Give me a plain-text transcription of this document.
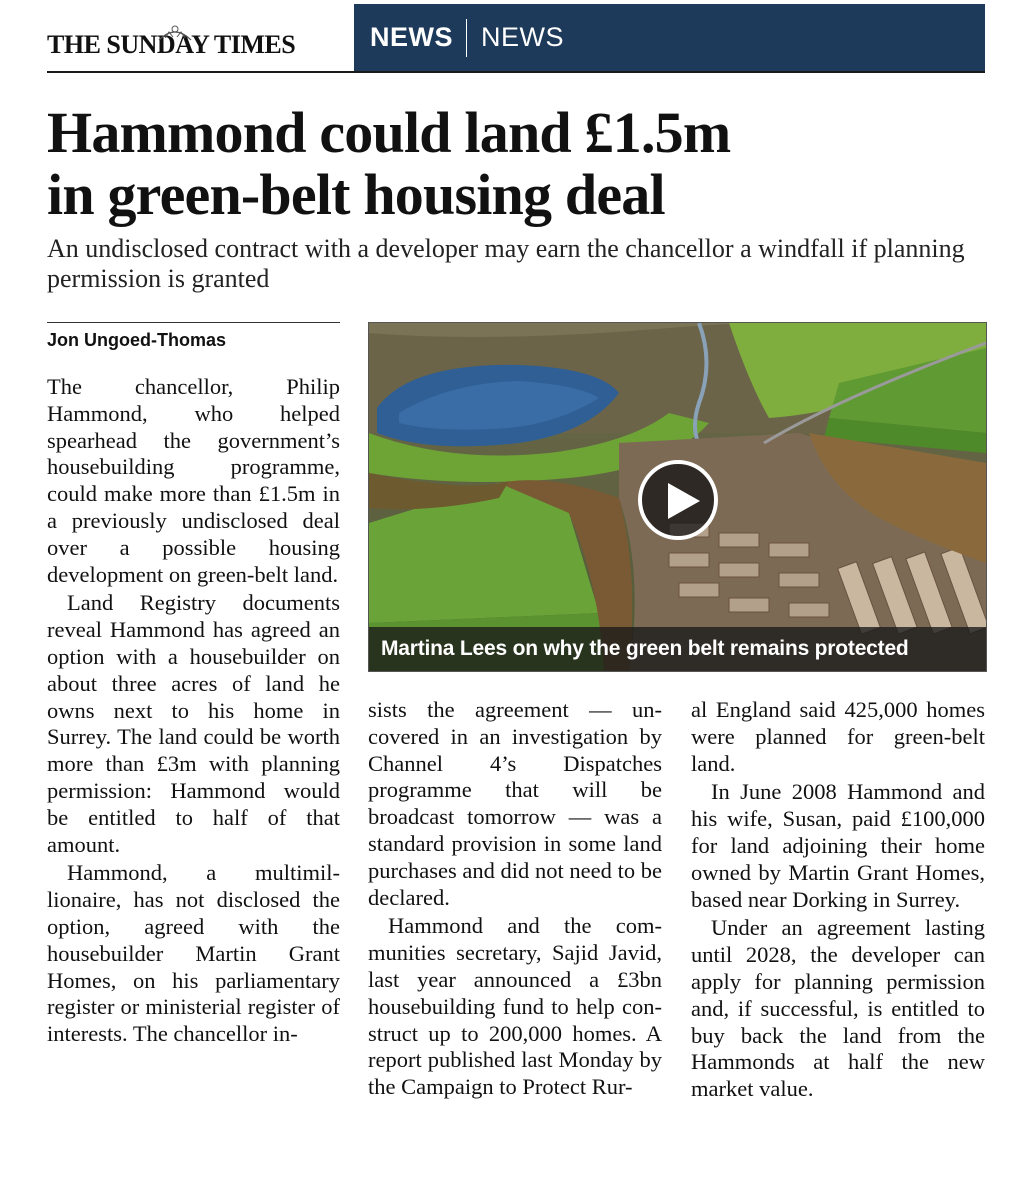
THE SUNDAY TIMES	NEWS NEWS
Hammond could land £1.5m
in green-belt housing deal

An undisclosed contract with a developer may earn the chancellor a windfall if planning permission is granted

Jon Ungoed-Thomas

The chancellor, Philip Hammond, who helped spearhead the government’s housebuilding programme, could make more than £1.5m in a previously undisclosed deal over a possible housing development on green-belt land.

Land Registry documents reveal Hammond has agreed an option with a housebuilder on about three acres of land he owns next to his home in Surrey. The land could be worth more than £3m with planning permission: Hammond would be entitled to half of that amount.

Hammond, a multimillionaire, has not disclosed the option, agreed with the housebuilder Martin Grant Homes, on his parliamentary register or ministerial register of interests. The chancellor in-

Martina Lees on why the green belt remains protected

sists the agreement — uncovered in an investigation by Channel 4’s Dispatches programme that will be broadcast tomorrow — was a standard provision in some land purchases and did not need to be declared.

Hammond and the communities secretary, Sajid Javid, last year announced a £3bn housebuilding fund to help construct up to 200,000 homes. A report published last Monday by the Campaign to Protect Rur-

al England said 425,000 homes were planned for green-belt land.

In June 2008 Hammond and his wife, Susan, paid £100,000 for land adjoining their home owned by Martin Grant Homes, based near Dorking in Surrey.

Under an agreement lasting until 2028, the developer can apply for planning permission and, if successful, is entitled to buy back the land from the Hammonds at half the new market value.
